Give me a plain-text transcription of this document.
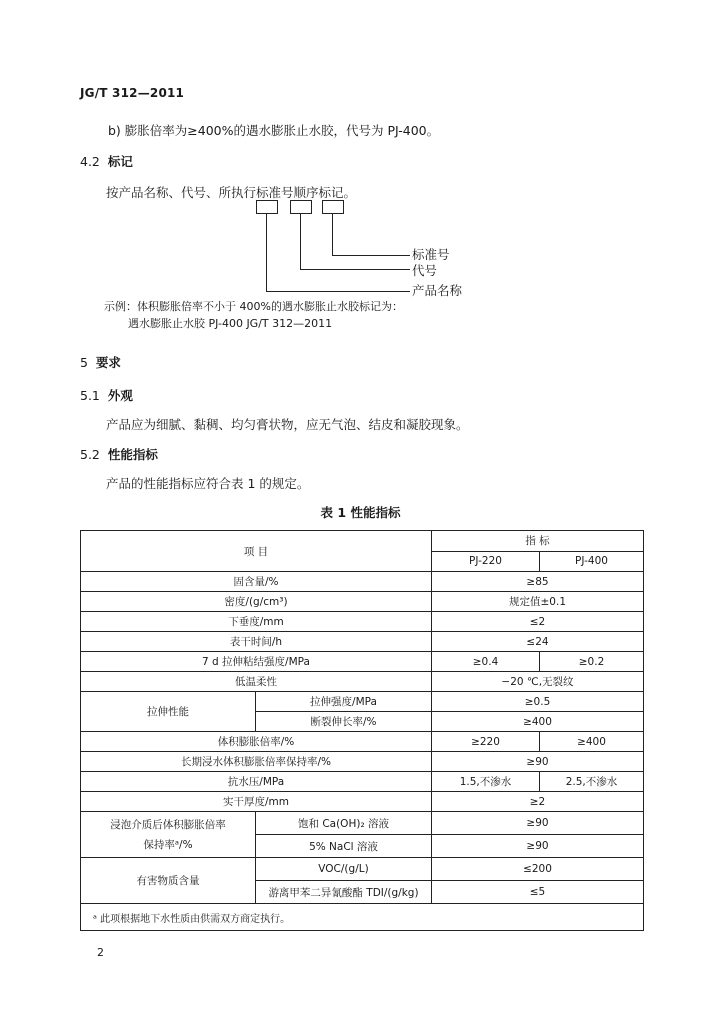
JG/T 312—2011
b) 膨胀倍率为≥400%的遇水膨胀止水胶，代号为 PJ-400。
4.2 标记
按产品名称、代号、所执行标准号顺序标记。
标准号
代号
产品名称
示例：体积膨胀倍率不小于 400%的遇水膨胀止水胶标记为：
遇水膨胀止水胶 PJ-400 JG/T 312—2011
5 要求
5.1 外观
产品应为细腻、黏稠、均匀膏状物，应无气泡、结皮和凝胶现象。
5.2 性能指标
产品的性能指标应符合表 1 的规定。
表 1 性能指标
项 目		指 标	
		PJ-220	PJ-400
固含量/%		≥85	
密度/(g/cm³)		规定值±0.1	
下垂度/mm		≤2	
表干时间/h		≤24	
7 d 拉伸粘结强度/MPa		≥0.4	≥0.2
低温柔性		−20 ℃,无裂纹	
拉伸性能	拉伸强度/MPa	≥0.5	
	断裂伸长率/%	≥400	
体积膨胀倍率/%		≥220	≥400
长期浸水体积膨胀倍率保持率/%		≥90	
抗水压/MPa		1.5,不渗水	2.5,不渗水
实干厚度/mm		≥2	

浸泡介质后体积膨胀倍率
保持率ᵃ/%	饱和 Ca(OH)₂ 溶液	≥90	
	5% NaCl 溶液	≥90	
有害物质含量	VOC/(g/L)	≤200	
	游离甲苯二异氰酸酯 TDI/(g/kg)	≤5	
ᵃ 此项根据地下水性质由供需双方商定执行。			
2
